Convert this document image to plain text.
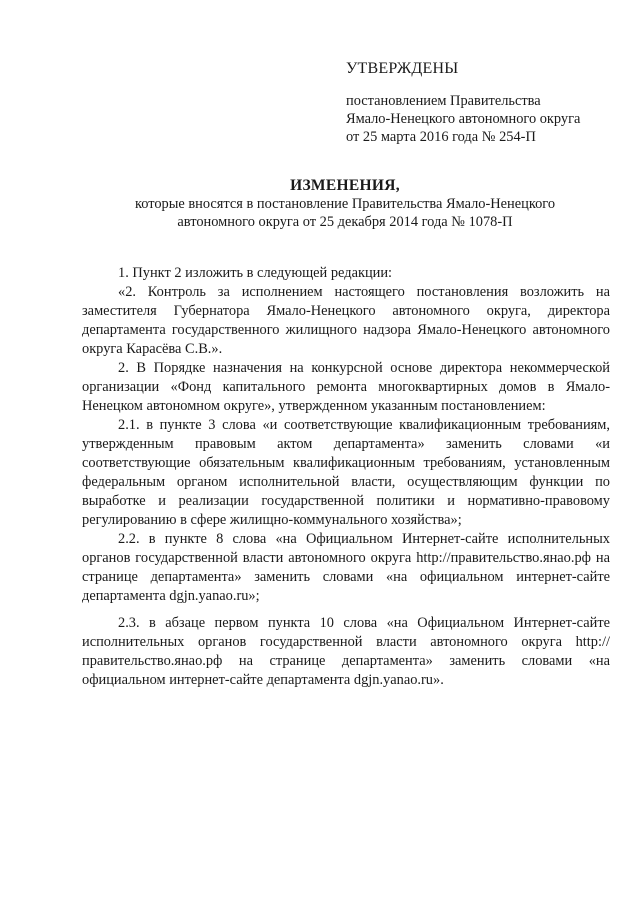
УТВЕРЖДЕНЫ
постановлением Правительства
Ямало-Ненецкого автономного округа
от 25 марта 2016 года № 254-П
ИЗМЕНЕНИЯ,
которые вносятся в постановление Правительства Ямало-Ненецкого
автономного округа от 25 декабря 2014 года № 1078-П

1. Пункт 2 изложить в следующей редакции:

«2. Контроль за исполнением настоящего постановления возложить на заместителя Губернатора Ямало-Ненецкого автономного округа, директора департамента государственного жилищного надзора Ямало-Ненецкого автономного округа Карасёва С.В.».

2. В Порядке назначения на конкурсной основе директора некоммерческой организации «Фонд капитального ремонта многоквартирных домов в Ямало-Ненецком автономном округе», утвержденном указанным постановлением:

2.1. в пункте 3 слова «и соответствующие квалификационным требованиям, утвержденным правовым актом департамента» заменить словами «и соответствующие обязательным квалификационным требованиям, установленным федеральным органом исполнительной власти, осуществляющим функции по выработке и реализации государственной политики и нормативно-правовому регулированию в сфере жилищно-коммунального хозяйства»;

2.2. в пункте 8 слова «на Официальном Интернет-сайте исполнительных органов государственной власти автономного округа http://правительство.янао.рф на странице департамента» заменить словами «на официальном интернет-сайте департамента dgjn.yanao.ru»;

2.3. в абзаце первом пункта 10 слова «на Официальном Интернет-сайте исполнительных органов государственной власти автономного округа http://правительство.янао.рф на странице департамента» заменить словами «на официальном интернет-сайте департамента dgjn.yanao.ru».
